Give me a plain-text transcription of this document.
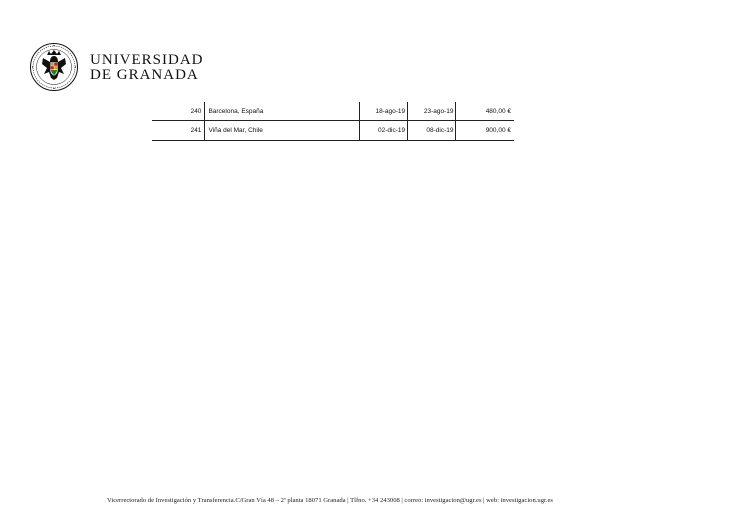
UNIVERSIDAD
DE GRANADA
240	Barcelona, España	18-ago-19	23-ago-19	480,00 €
241	Viña del Mar, Chile	02-dic-19	08-dic-19	900,00 €
Vicerrectorado de Investigación y Transferencia.C/Gran Vía 48 – 2ª planta 18071 Granada | Tlfno. +34 243008 | correo: investigacion@ugr.es | web: investigacion.ugr.es
